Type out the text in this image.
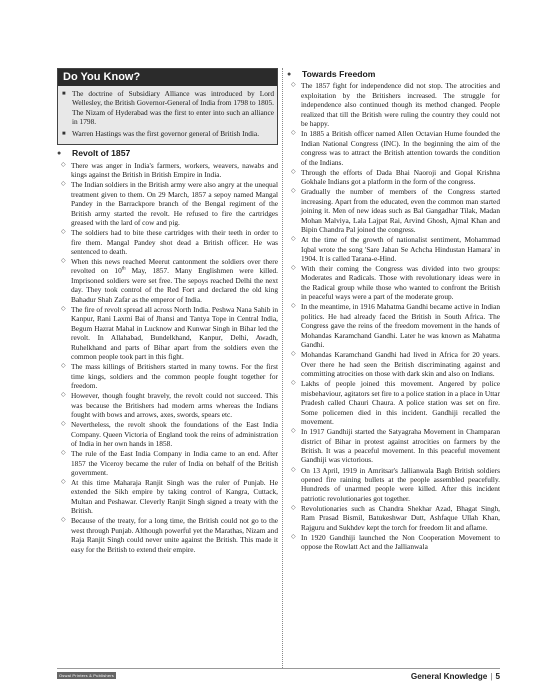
Do You Know?
■ The doctrine of Subsidiary Alliance was introduced by Lord Wellesley, the British Governor-General of India from 1798 to 1805. The Nizam of Hyderabad was the first to enter into such an alliance in 1798.
■ Warren Hastings was the first governor general of British India.
●	Revolt of 1857
◇ There was anger in India's farmers, workers, weavers, nawabs and kings against the British in British Empire in India.
◇ The Indian soldiers in the British army were also angry at the unequal treatment given to them. On 29 March, 1857 a sepoy named Mangal Pandey in the Barrackpore branch of the Bengal regiment of the British army started the revolt. He refused to fire the cartridges greased with the lard of cow and pig.
◇ The soldiers had to bite these cartridges with their teeth in order to fire them. Mangal Pandey shot dead a British officer. He was sentenced to death.
◇ When this news reached Meerut cantonment the soldiers over there revolted on 10th May, 1857. Many Englishmen were killed. Imprisoned soldiers were set free. The sepoys reached Delhi the next day. They took control of the Red Fort and declared the old king Bahadur Shah Zafar as the emperor of India.
◇ The fire of revolt spread all across North India. Peshwa Nana Sahib in Kanpur, Rani Laxmi Bai of Jhansi and Tantya Tope in Central India, Begum Hazrat Mahal in Lucknow and Kunwar Singh in Bihar led the revolt. In Allahabad, Bundelkhand, Kanpur, Delhi, Awadh, Ruhelkhand and parts of Bihar apart from the soldiers even the common people took part in this fight.
◇ The mass killings of Britishers started in many towns. For the first time kings, soldiers and the common people fought together for freedom.
◇ However, though fought bravely, the revolt could not succeed. This was because the Britishers had modern arms whereas the Indians fought with bows and arrows, axes, swords, spears etc.
◇ Nevertheless, the revolt shook the foundations of the East India Company. Queen Victoria of England took the reins of administration of India in her own hands in 1858.
◇ The rule of the East India Company in India came to an end. After 1857 the Viceroy became the ruler of India on behalf of the British government.
◇ At this time Maharaja Ranjit Singh was the ruler of Punjab. He extended the Sikh empire by taking control of Kangra, Cuttack, Multan and Peshawar. Cleverly Ranjit Singh signed a treaty with the British.
◇ Because of the treaty, for a long time, the British could not go to the west through Punjab. Although powerful yet the Marathas, Nizam and Raja Ranjit Singh could never unite against the British. This made it easy for the British to extend their empire.
●	Towards Freedom
◇ The 1857 fight for independence did not stop. The atrocities and exploitation by the Britishers increased. The struggle for independence also continued though its method changed. People realized that till the British were ruling the country they could not be happy.
◇ In 1885 a British officer named Allen Octavian Hume founded the Indian National Congress (INC). In the beginning the aim of the congress was to attract the British attention towards the condition of the Indians.
◇ Through the efforts of Dada Bhai Naoroji and Gopal Krishna Gokhale Indians got a platform in the form of the congress.
◇ Gradually the number of members of the Congress started increasing. Apart from the educated, even the common man started joining it. Men of new ideas such as Bal Gangadhar Tilak, Madan Mohan Malviya, Lala Lajpat Rai, Arvind Ghosh, Ajmal Khan and Bipin Chandra Pal joined the congress.
◇ At the time of the growth of nationalist sentiment, Mohammad Iqbal wrote the song 'Sare Jahan Se Achcha Hindustan Hamara' in 1904. It is called Tarana-e-Hind.
◇ With their coming the Congress was divided into two groups: Moderates and Radicals. Those with revolutionary ideas were in the Radical group while those who wanted to confront the British in peaceful ways were a part of the moderate group.
◇ In the meantime, in 1916 Mahatma Gandhi became active in Indian politics. He had already faced the British in South Africa. The Congress gave the reins of the freedom movement in the hands of Mohandas Karamchand Gandhi. Later he was known as Mahatma Gandhi.
◇ Mohandas Karamchand Gandhi had lived in Africa for 20 years. Over there he had seen the British discriminating against and committing atrocities on those with dark skin and also on Indians.
◇ Lakhs of people joined this movement. Angered by police misbehaviour, agitators set fire to a police station in a place in Uttar Pradesh called Chauri Chaura. A police station was set on fire. Some policemen died in this incident. Gandhiji recalled the movement.
◇ In 1917 Gandhiji started the Satyagraha Movement in Champaran district of Bihar in protest against atrocities on farmers by the British. It was a peaceful movement. In this peaceful movement Gandhiji was victorious.
◇ On 13 April, 1919 in Amritsar's Jallianwala Bagh British soldiers opened fire raining bullets at the people assembled peacefully. Hundreds of unarmed people were killed. After this incident patriotic revolutionaries got together.
◇ Revolutionaries such as Chandra Shekhar Azad, Bhagat Singh, Ram Prasad Bismil, Batukeshwar Dutt, Ashfaque Ullah Khan, Rajguru and Sukhdev kept the torch for freedom lit and aflame.
◇ In 1920 Gandhiji launched the Non Cooperation Movement to oppose the Rowlatt Act and the Jallianwala
Oswal Printers & Publishers	General Knowledge | 5
